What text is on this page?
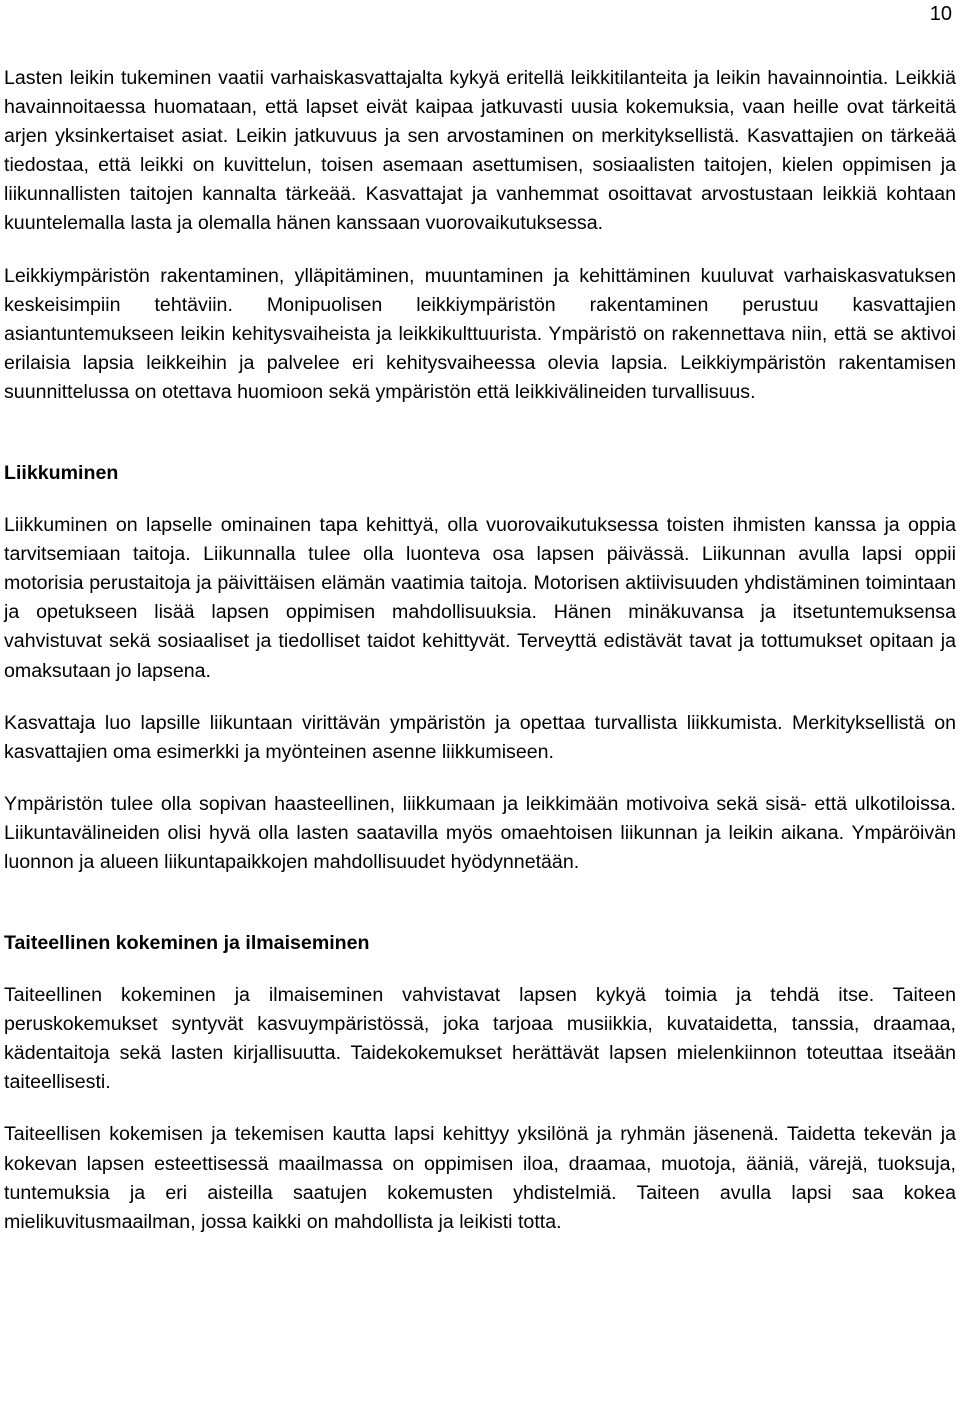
10

Lasten leikin tukeminen vaatii varhaiskasvattajalta kykyä eritellä leikkitilanteita ja leikin havainnointia. Leikkiä havainnoitaessa huomataan, että lapset eivät kaipaa jatkuvasti uusia kokemuksia, vaan heille ovat tärkeitä arjen yksinkertaiset asiat. Leikin jatkuvuus ja sen arvostaminen on merkityksellistä. Kasvattajien on tärkeää tiedostaa, että leikki on kuvittelun, toisen asemaan asettumisen, sosiaalisten taitojen, kielen oppimisen ja liikunnallisten taitojen kannalta tärkeää. Kasvattajat ja vanhemmat osoittavat arvostustaan leikkiä kohtaan kuuntelemalla lasta ja olemalla hänen kanssaan vuorovaikutuksessa.

Leikkiympäristön rakentaminen, ylläpitäminen, muuntaminen ja kehittäminen kuuluvat varhaiskasvatuksen keskeisimpiin tehtäviin. Monipuolisen leikkiympäristön rakentaminen perustuu kasvattajien asiantuntemukseen leikin kehitysvaiheista ja leikkikulttuurista. Ympäristö on rakennettava niin, että se aktivoi erilaisia lapsia leikkeihin ja palvelee eri kehitysvaiheessa olevia lapsia. Leikkiympäristön rakentamisen suunnittelussa on otettava huomioon sekä ympäristön että leikkivälineiden turvallisuus.

Liikkuminen

Liikkuminen on lapselle ominainen tapa kehittyä, olla vuorovaikutuksessa toisten ihmisten kanssa ja oppia tarvitsemiaan taitoja. Liikunnalla tulee olla luonteva osa lapsen päivässä. Liikunnan avulla lapsi oppii motorisia perustaitoja ja päivittäisen elämän vaatimia taitoja. Motorisen aktiivisuuden yhdistäminen toimintaan ja opetukseen lisää lapsen oppimisen mahdollisuuksia. Hänen minäkuvansa ja itsetuntemuksensa vahvistuvat sekä sosiaaliset ja tiedolliset taidot kehittyvät. Terveyttä edistävät tavat ja tottumukset opitaan ja omaksutaan jo lapsena.

Kasvattaja luo lapsille liikuntaan virittävän ympäristön ja opettaa turvallista liikkumista. Merkityksellistä on kasvattajien oma esimerkki ja myönteinen asenne liikkumiseen.

Ympäristön tulee olla sopivan haasteellinen, liikkumaan ja leikkimään motivoiva sekä sisä- että ulkotiloissa. Liikuntavälineiden olisi hyvä olla lasten saatavilla myös omaehtoisen liikunnan ja leikin aikana. Ympäröivän luonnon ja alueen liikuntapaikkojen mahdollisuudet hyödynnetään.

Taiteellinen kokeminen ja ilmaiseminen

Taiteellinen kokeminen ja ilmaiseminen vahvistavat lapsen kykyä toimia ja tehdä itse. Taiteen peruskokemukset syntyvät kasvuympäristössä, joka tarjoaa musiikkia, kuvataidetta, tanssia, draamaa, kädentaitoja sekä lasten kirjallisuutta. Taidekokemukset herättävät lapsen mielenkiinnon toteuttaa itseään taiteellisesti.

Taiteellisen kokemisen ja tekemisen kautta lapsi kehittyy yksilönä ja ryhmän jäsenenä. Taidetta tekevän ja kokevan lapsen esteettisessä maailmassa on oppimisen iloa, draamaa, muotoja, ääniä, värejä, tuoksuja, tuntemuksia ja eri aisteilla saatujen kokemusten yhdistelmiä. Taiteen avulla lapsi saa kokea mielikuvitusmaailman, jossa kaikki on mahdollista ja leikisti totta.
